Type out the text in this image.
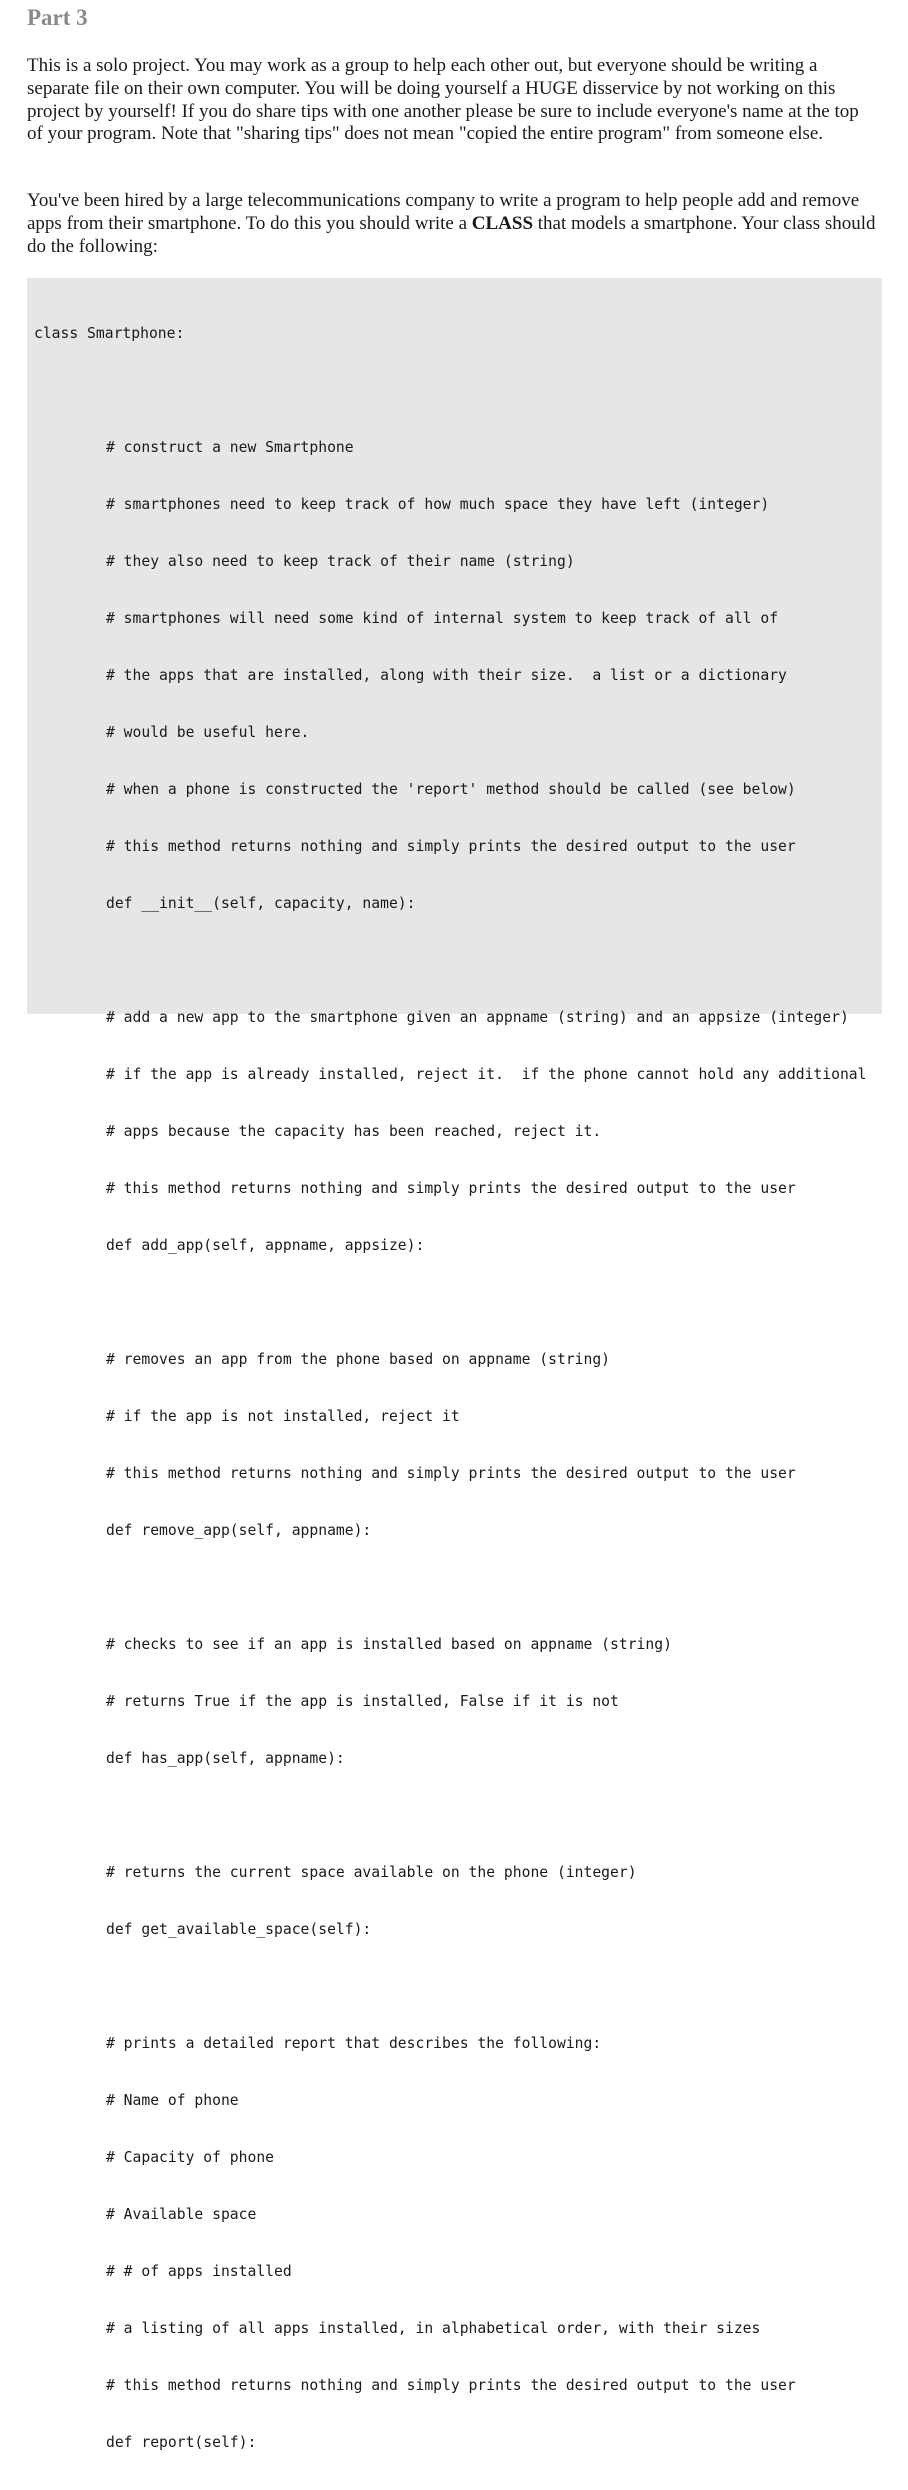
Part 3

This is a solo project. You may work as a group to help each other out, but everyone should be writing a separate file on their own computer. You will be doing yourself a HUGE disservice by not working on this project by yourself! If you do share tips with one another please be sure to include everyone's name at the top of your program. Note that "sharing tips" does not mean "copied the entire program" from someone else.

You've been hired by a large telecommunications company to write a program to help people add and remove apps from their smartphone. To do this you should write a CLASS that models a smartphone. Your class should do the following:

class Smartphone:

# construct a new Smartphone

# smartphones need to keep track of how much space they have left (integer)

# they also need to keep track of their name (string)

# smartphones will need some kind of internal system to keep track of all of

# the apps that are installed, along with their size.  a list or a dictionary

# would be useful here.

# when a phone is constructed the 'report' method should be called (see below)

# this method returns nothing and simply prints the desired output to the user

def __init__(self, capacity, name):

# add a new app to the smartphone given an appname (string) and an appsize (integer)

# if the app is already installed, reject it.  if the phone cannot hold any additional

# apps because the capacity has been reached, reject it.

# this method returns nothing and simply prints the desired output to the user

def add_app(self, appname, appsize):

# removes an app from the phone based on appname (string)

# if the app is not installed, reject it

# this method returns nothing and simply prints the desired output to the user

def remove_app(self, appname):

# checks to see if an app is installed based on appname (string)

# returns True if the app is installed, False if it is not

def has_app(self, appname):

# returns the current space available on the phone (integer)

def get_available_space(self):

# prints a detailed report that describes the following:

# Name of phone

# Capacity of phone

# Available space

# # of apps installed

# a listing of all apps installed, in alphabetical order, with their sizes

# this method returns nothing and simply prints the desired output to the user

def report(self):
